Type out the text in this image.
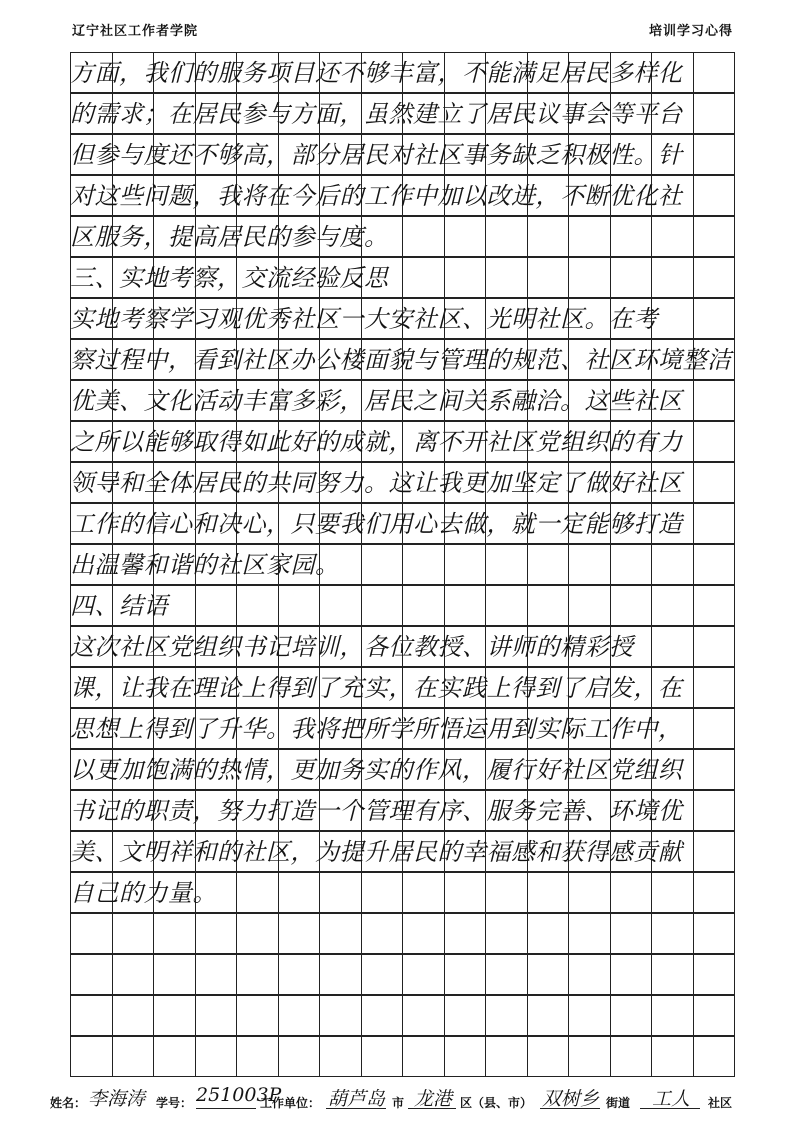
辽宁社区工作者学院	培训学习心得
方面，我们的服务项目还不够丰富，不能满足居民多样化
的需求；在居民参与方面，虽然建立了居民议事会等平台
但参与度还不够高，部分居民对社区事务缺乏积极性。针
对这些问题，我将在今后的工作中加以改进，不断优化社
区服务，提高居民的参与度。
三、实地考察，交流经验反思
实地考察学习观优秀社区一大安社区、光明社区。在考
察过程中，看到社区办公楼面貌与管理的规范、社区环境整洁
优美、文化活动丰富多彩，居民之间关系融洽。这些社区
之所以能够取得如此好的成就，离不开社区党组织的有力
领导和全体居民的共同努力。这让我更加坚定了做好社区
工作的信心和决心，只要我们用心去做，就一定能够打造
出温馨和谐的社区家园。
四、结语
这次社区党组织书记培训，各位教授、讲师的精彩授
课，让我在理论上得到了充实，在实践上得到了启发，在
思想上得到了升华。我将把所学所悟运用到实际工作中，
以更加饱满的热情，更加务实的作风，履行好社区党组织
书记的职责，努力打造一个管理有序、服务完善、环境优
美、文明祥和的社区，为提升居民的幸福感和获得感贡献
自己的力量。
姓名： 李海涛 学号： 251003P
工作单位： 葫芦岛 市 龙港 区（县、市） 双树乡 街道 工人 社区
